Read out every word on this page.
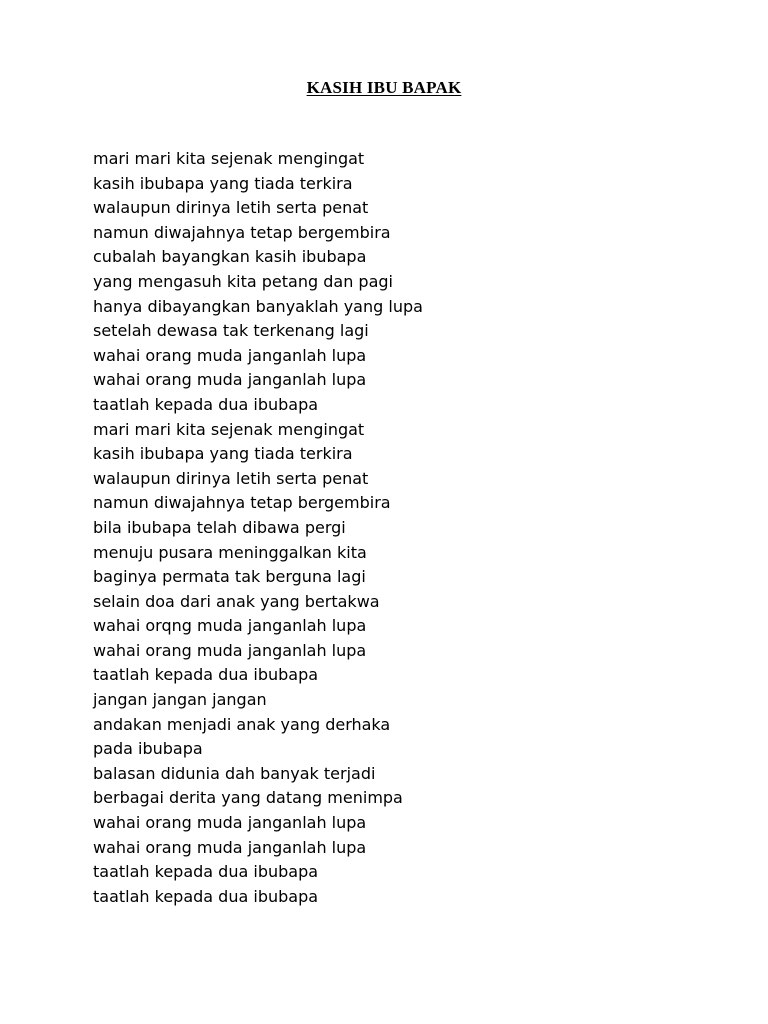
KASIH IBU BAPAK
mari mari kita sejenak mengingat
kasih ibubapa yang tiada terkira
walaupun dirinya letih serta penat
namun diwajahnya tetap bergembira
cubalah bayangkan kasih ibubapa
yang mengasuh kita petang dan pagi
hanya dibayangkan banyaklah yang lupa
setelah dewasa tak terkenang lagi
wahai orang muda janganlah lupa
wahai orang muda janganlah lupa
taatlah kepada dua ibubapa
mari mari kita sejenak mengingat
kasih ibubapa yang tiada terkira
walaupun dirinya letih serta penat
namun diwajahnya tetap bergembira
bila ibubapa telah dibawa pergi
menuju pusara meninggalkan kita
baginya permata tak berguna lagi
selain doa dari anak yang bertakwa
wahai orqng muda janganlah lupa
wahai orang muda janganlah lupa
taatlah kepada dua ibubapa
jangan jangan jangan
andakan menjadi anak yang derhaka
pada ibubapa
balasan didunia dah banyak terjadi
berbagai derita yang datang menimpa
wahai orang muda janganlah lupa
wahai orang muda janganlah lupa
taatlah kepada dua ibubapa
taatlah kepada dua ibubapa
